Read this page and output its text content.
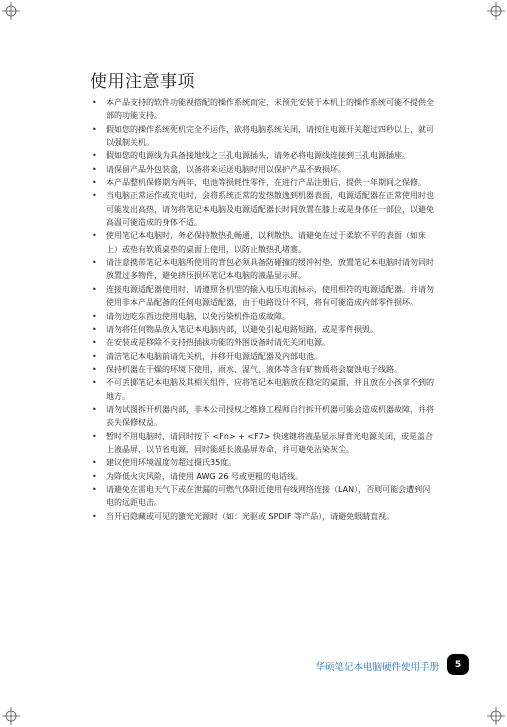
使用注意事项
• 本产品支持的软件功能视搭配的操作系统而定，未预先安装于本机上的操作系统可能不提供全部的功能支持。
• 假如您的操作系统死机完全不运作，欲将电脑系统关闭，请按住电源开关超过四秒以上，就可以强制关机。
• 假如您的电源线为具备接地线之三孔电源插头，请务必将电源线连接到三孔电源插座。
• 请保留产品外包装盒，以备将来运送电脑时用以保护产品不致损坏。
• 本产品整机保修期为两年，电池等损耗性零件，在进行产品注册后，提供一年期间之保修。
• 当电脑正常运作或充电时，会将系统正常的发热散逸到机器表面，电源适配器在正常使用时也可能发出高热，请勿将笔记本电脑及电源适配器长时间放置在膝上或是身体任一部位，以避免高温可能造成的身体不适。
• 使用笔记本电脑时，务必保持散热孔畅通，以利散热。请避免在过于柔软不平的表面（如床上）或垫有软质桌垫的桌面上使用，以防止散热孔堵塞。
• 请注意携带笔记本电脑所使用的背包必须具备防碰撞的缓冲衬垫，放置笔记本电脑时请勿同时放置过多物件，避免挤压损坏笔记本电脑的液晶显示屏。
• 连接电源适配器使用时，请遵照各机型的输入电压电流标示，使用相符的电源适配器。并请勿使用非本产品配备的任何电源适配器，由于电路设计不同，将有可能造成内部零件损坏。
• 请勿边吃东西边使用电脑，以免污染机件造成故障。
• 请勿将任何物品放入笔记本电脑内部，以避免引起电路短路，或是零件损毁。
• 在安装或是移除不支持热插拔功能的外围设备时请先关闭电源。
• 清洁笔记本电脑前请先关机，并移开电源适配器及内部电池。
• 保持机器在干燥的环境下使用，雨水、湿气、液体等含有矿物质将会腐蚀电子线路。
• 不可丢掷笔记本电脑及其相关组件，应将笔记本电脑放在稳定的桌面，并且放在小孩拿不到的地方。
• 请勿试图拆开机器内部，非本公司授权之维修工程师自行拆开机器可能会造成机器故障，并将丧失保修权益。
• 暂时不用电脑时，请同时按下 <Fn> + <F7> 快速键将液晶显示屏背光电源关闭，或是盖合上液晶屏，以节省电源，同时能延长液晶屏寿命，并可避免沾染灰尘。
• 建议使用环境温度勿超过摄氏35度。
• 为降低火灾风险，请使用 AWG 26 号或更粗的电话线。
• 请避免在雷电天气下或在泄漏的可燃气体附近使用有线网络连接（LAN），否则可能会遭到闪电的远距电击。
• 当开启隐藏或可见的激光光源时（如：光驱或 SPDIF 等产品），请避免眼睛直视。
华硕笔记本电脑硬件使用手册	5
